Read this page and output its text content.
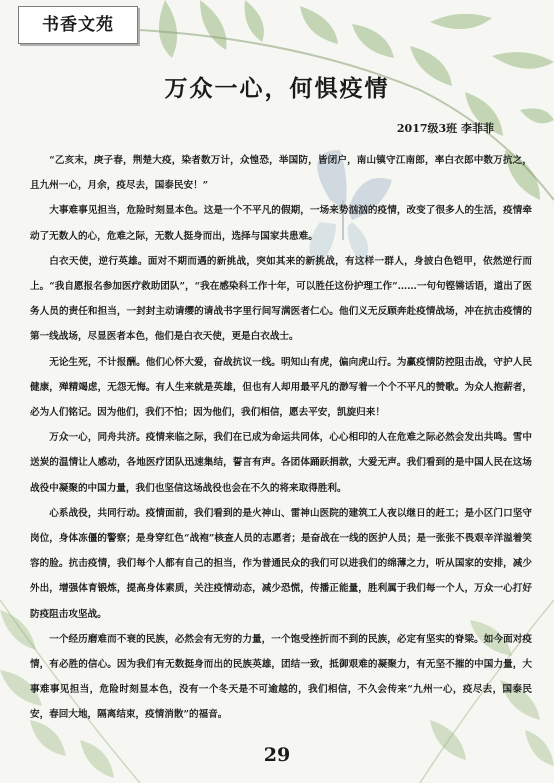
书香文苑
万众一心，何惧疫情
2017级3班 李菲菲

“乙亥末，庚子春，荆楚大疫，染者数万计，众惶恐，举国防，皆闭户，南山镇守江南郎，率白衣郎中数万抗之，且九州一心，月余，疫尽去，国泰民安！”

大事难事见担当，危险时刻显本色。这是一个不平凡的假期，一场来势汹汹的疫情，改变了很多人的生活，疫情牵动了无数人的心，危难之际，无数人挺身而出，选择与国家共患难。

白衣天使，逆行英雄。面对不期而遇的新挑战，突如其来的新挑战，有这样一群人，身披白色铠甲，依然逆行而上。“我自愿报名参加医疗救助团队”，“我在感染科工作十年，可以胜任这份护理工作”……一句句铿锵话语，道出了医务人员的责任和担当，一封封主动请缨的请战书字里行间写满医者仁心。他们义无反顾奔赴疫情战场，冲在抗击疫情的第一线战场，尽显医者本色，他们是白衣天使，更是白衣战士。

无论生死，不计报酬。他们心怀大爱，奋战抗议一线。明知山有虎，偏向虎山行。为赢疫情防控阻击战，守护人民健康，殚精竭虑，无怨无悔。有人生来就是英雄，但也有人却用最平凡的渺写着一个个不平凡的赞歌。为众人抱薪者，必为人们铭记。因为他们，我们不怕；因为他们，我们相信，愿去平安，凯旋归来！

万众一心，同舟共济。疫情来临之际，我们在已成为命运共同体，心心相印的人在危难之际必然会发出共鸣。雪中送炭的温情让人感动，各地医疗团队迅速集结，誓言有声。各团体踊跃捐款，大爱无声。我们看到的是中国人民在这场战役中凝聚的中国力量，我们也坚信这场战役也会在不久的将来取得胜利。

心系战役，共同行动。疫情面前，我们看到的是火神山、雷神山医院的建筑工人夜以继日的赶工；是小区门口坚守岗位，身体冻僵的警察；是身穿红色“战袍”核查人员的志愿者；是奋战在一线的医护人员；是一张张不畏艰辛洋溢着笑容的脸。抗击疫情，我们每个人都有自己的担当，作为普通民众的我们可以进我们的绵薄之力，听从国家的安排，减少外出，增强体育锻炼，提高身体素质，关注疫情动态，减少恐慌，传播正能量，胜利属于我们每一个人，万众一心打好防疫阻击攻坚战。

一个经历磨难而不衰的民族，必然会有无穷的力量，一个饱受挫折而不到的民族，必定有坚实的脊梁。如今面对疫情，有必胜的信心。因为我们有无数挺身而出的民族英雄，团结一致，抵御艰难的凝聚力，有无坚不摧的中国力量，大事难事见担当，危险时刻显本色，没有一个冬天是不可逾越的，我们相信，不久会传来“九州一心，疫尽去，国泰民安，春回大地，隔离结束，疫情消散”的福音。

29
